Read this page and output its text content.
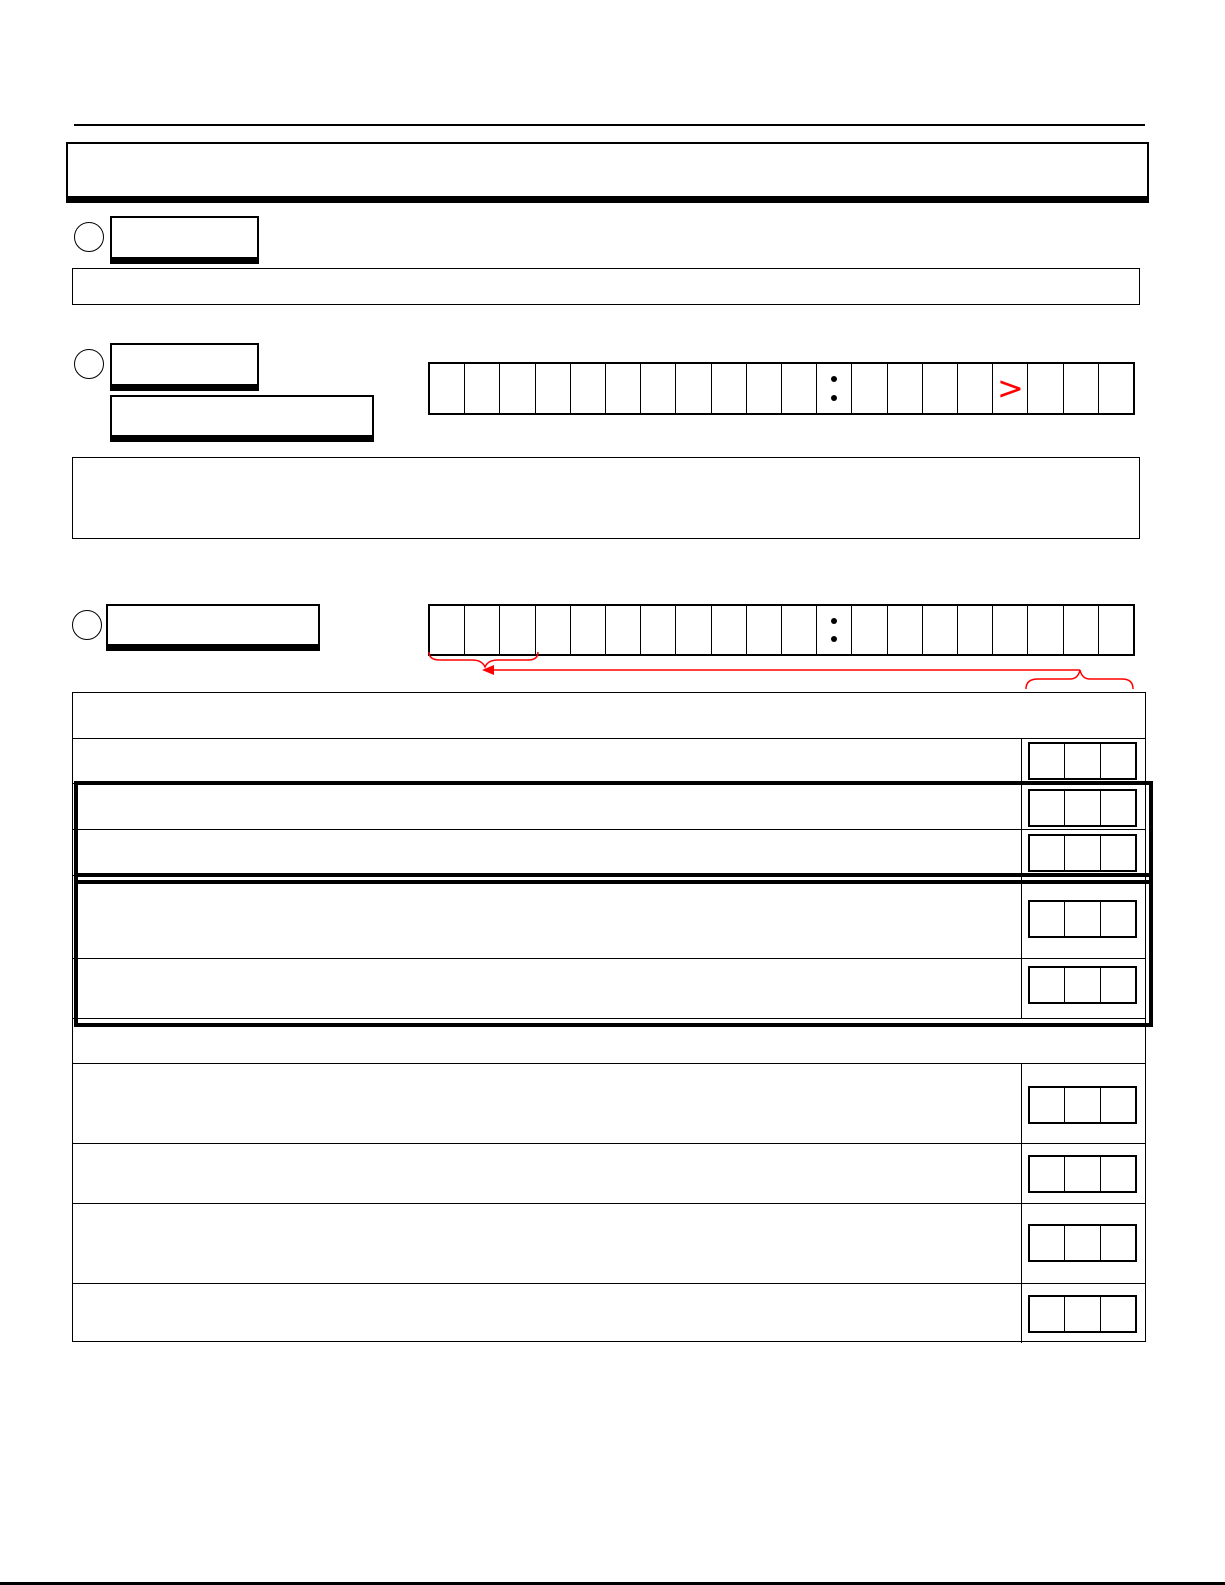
>
